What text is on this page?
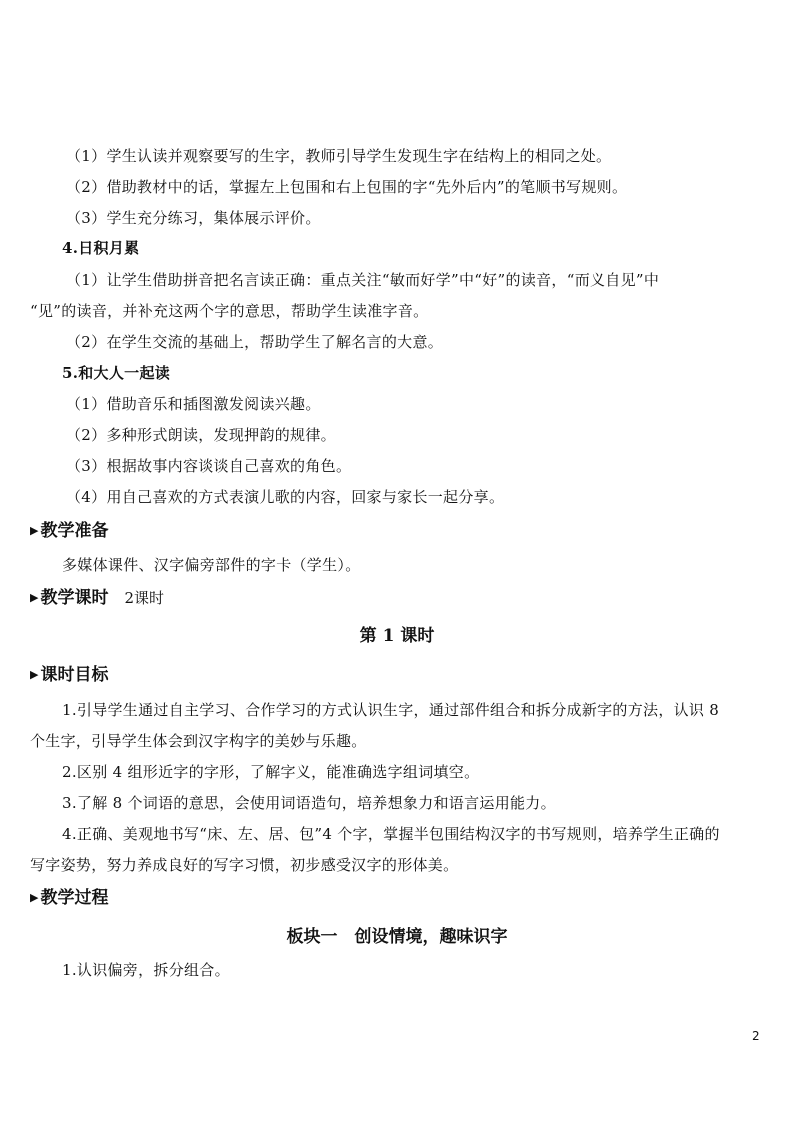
（1）学生认读并观察要写的生字，教师引导学生发现生字在结构上的相同之处。
（2）借助教材中的话，掌握左上包围和右上包围的字“先外后内”的笔顺书写规则。
（3）学生充分练习，集体展示评价。
4.日积月累
（1）让学生借助拼音把名言读正确：重点关注“敏而好学”中“好”的读音，“而义自见”中
“见”的读音，并补充这两个字的意思，帮助学生读准字音。
（2）在学生交流的基础上，帮助学生了解名言的大意。
5.和大人一起读
（1）借助音乐和插图激发阅读兴趣。
（2）多种形式朗读，发现押韵的规律。
（3）根据故事内容谈谈自己喜欢的角色。
（4）用自己喜欢的方式表演儿歌的内容，回家与家长一起分享。
▶ 教学准备
多媒体课件、汉字偏旁部件的字卡（学生）。
▶ 教学课时 2课时
第 1 课时
▶ 课时目标
1.引导学生通过自主学习、合作学习的方式认识生字，通过部件组合和拆分成新字的方法，认识 8
个生字，引导学生体会到汉字构字的美妙与乐趣。
2.区别 4 组形近字的字形，了解字义，能准确选字组词填空。
3.了解 8 个词语的意思，会使用词语造句，培养想象力和语言运用能力。
4.正确、美观地书写“床、左、居、包”4 个字，掌握半包围结构汉字的书写规则，培养学生正确的
写字姿势，努力养成良好的写字习惯，初步感受汉字的形体美。
▶ 教学过程
板块一　创设情境，趣味识字
1.认识偏旁，拆分组合。
2
